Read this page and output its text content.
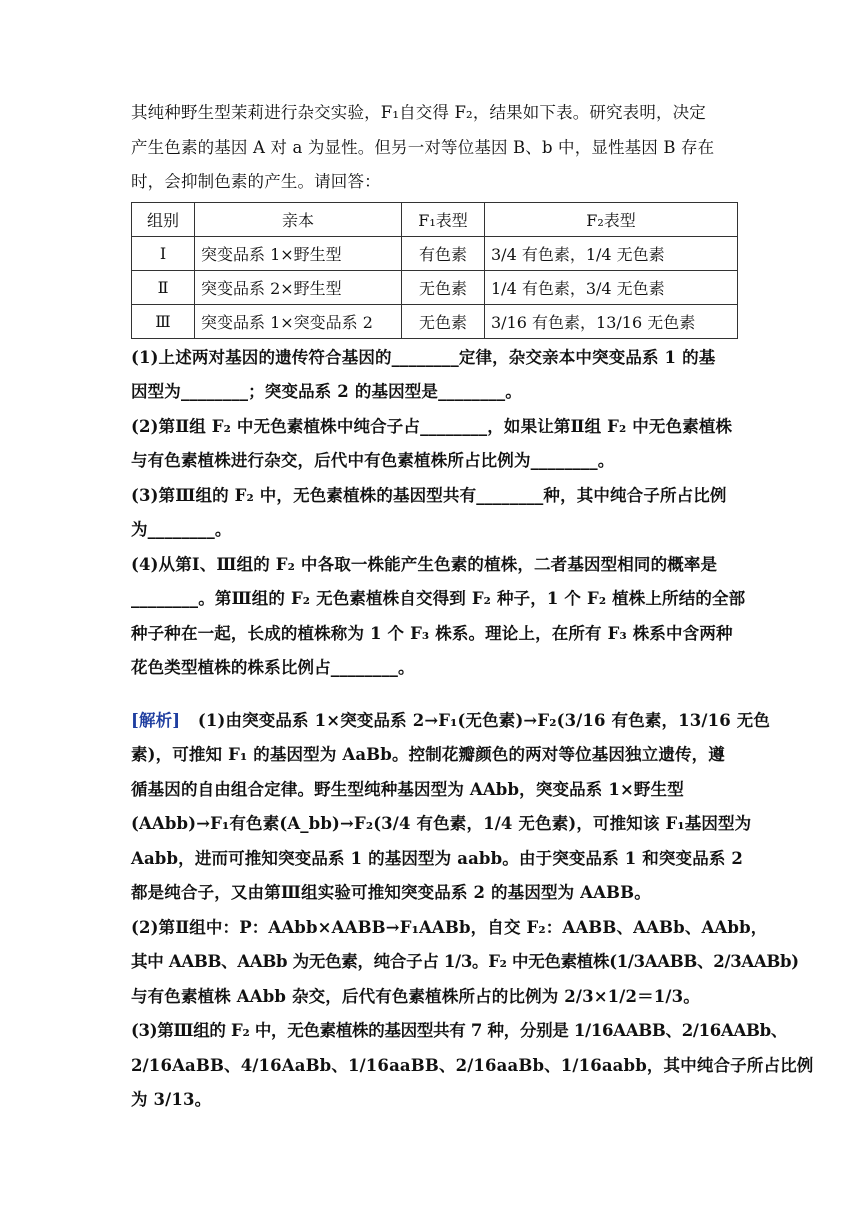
其纯种野生型茉莉进行杂交实验，F₁自交得 F₂，结果如下表。研究表明，决定
产生色素的基因 A 对 a 为显性。但另一对等位基因 B、b 中，显性基因 B 存在
时，会抑制色素的产生。请回答：
组别	亲本	F₁表型	F₂表型
Ⅰ	突变品系 1×野生型	有色素	3/4 有色素，1/4 无色素
Ⅱ	突变品系 2×野生型	无色素	1/4 有色素，3/4 无色素
Ⅲ	突变品系 1×突变品系 2	无色素	3/16 有色素，13/16 无色素
(1)上述两对基因的遗传符合基因的________定律，杂交亲本中突变品系 1 的基
因型为________；突变品系 2 的基因型是________。
(2)第Ⅱ组 F₂ 中无色素植株中纯合子占________，如果让第Ⅱ组 F₂ 中无色素植株
与有色素植株进行杂交，后代中有色素植株所占比例为________。
(3)第Ⅲ组的 F₂ 中，无色素植株的基因型共有________种，其中纯合子所占比例
为________。
(4)从第Ⅰ、Ⅲ组的 F₂ 中各取一株能产生色素的植株，二者基因型相同的概率是
________。第Ⅲ组的 F₂ 无色素植株自交得到 F₂ 种子，1 个 F₂ 植株上所结的全部
种子种在一起，长成的植株称为 1 个 F₃ 株系。理论上，在所有 F₃ 株系中含两种
花色类型植株的株系比例占________。
[解析]   (1)由突变品系 1×突变品系 2→F₁(无色素)→F₂(3/16 有色素，13/16 无色
素)，可推知 F₁ 的基因型为 AaBb。控制花瓣颜色的两对等位基因独立遗传，遵
循基因的自由组合定律。野生型纯种基因型为 AAbb，突变品系 1×野生型
(AAbb)→F₁有色素(A_bb)→F₂(3/4 有色素，1/4 无色素)，可推知该 F₁基因型为
Aabb，进而可推知突变品系 1 的基因型为 aabb。由于突变品系 1 和突变品系 2
都是纯合子，又由第Ⅲ组实验可推知突变品系 2 的基因型为 AABB。
(2)第Ⅱ组中：P：AAbb×AABB→F₁AABb，自交 F₂：AABB、AABb、AAbb，
其中 AABB、AABb 为无色素，纯合子占 1/3。F₂ 中无色素植株(1/3AABB、2/3AABb)
与有色素植株 AAbb 杂交，后代有色素植株所占的比例为 2/3×1/2＝1/3。
(3)第Ⅲ组的 F₂ 中，无色素植株的基因型共有 7 种，分别是 1/16AABB、2/16AABb、
2/16AaBB、4/16AaBb、1/16aaBB、2/16aaBb、1/16aabb，其中纯合子所占比例
为 3/13。
